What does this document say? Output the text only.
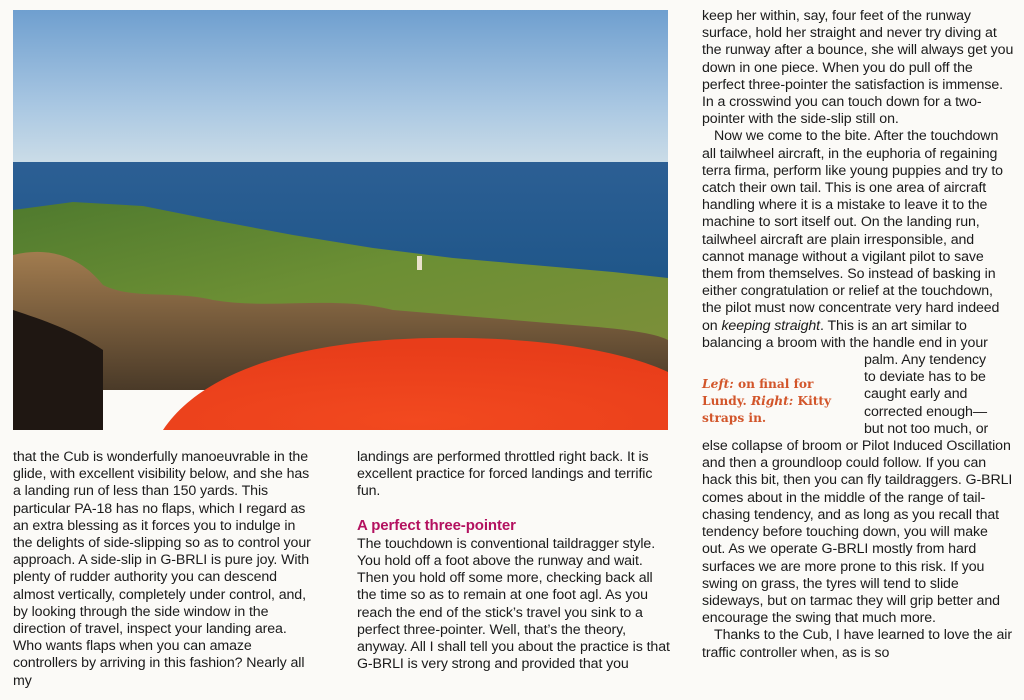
that the Cub is wonderfully manoeuvrable in the glide, with excellent visibility below, and she has a landing run of less than 150 yards. This particular PA-18 has no flaps, which I regard as an extra blessing as it forces you to indulge in the delights of side-slipping so as to control your approach. A side-slip in G-BRLI is pure joy. With plenty of rudder authority you can descend almost vertically, completely under control, and, by looking through the side window in the direction of travel, inspect your landing area. Who wants flaps when you can amaze controllers by arriving in this fashion? Nearly all my

landings are performed throttled right back. It is excellent practice for forced landings and terrific fun.

A perfect three-pointer

The touchdown is conventional taildragger style. You hold off a foot above the runway and wait. Then you hold off some more, checking back all the time so as to remain at one foot agl. As you reach the end of the stick’s travel you sink to a perfect three-pointer. Well, that’s the theory, anyway. All I shall tell you about the practice is that G-BRLI is very strong and provided that you

keep her within, say, four feet of the runway surface, hold her straight and never try diving at the runway after a bounce, she will always get you down in one piece. When you do pull off the perfect three-pointer the satisfaction is immense. In a crosswind you can touch down for a two-pointer with the side-slip still on.

Now we come to the bite. After the touchdown all tailwheel aircraft, in the euphoria of regaining terra firma, perform like young puppies and try to catch their own tail. This is one area of aircraft handling where it is a mistake to leave it to the machine to sort itself out. On the landing run, tailwheel aircraft are plain irresponsible, and cannot manage without a vigilant pilot to save them from themselves. So instead of basking in either congratulation or relief at the touchdown, the pilot must now concentrate very hard indeed on keeping straight. This is an art similar to balancing a broom with the handle end in your

palm. Any tendency

to deviate has to be

caught early and

corrected enough—

but not too much, or

else collapse of broom or Pilot Induced Oscillation and then a groundloop could follow. If you can hack this bit, then you can fly taildraggers. G-BRLI comes about in the middle of the range of tail-chasing tendency, and as long as you recall that tendency before touching down, you will make out. As we operate G-BRLI mostly from hard surfaces we are more prone to this risk. If you swing on grass, the tyres will tend to slide sideways, but on tarmac they will grip better and encourage the swing that much more.

Thanks to the Cub, I have learned to love the air traffic controller when, as is so

Left: on final for Lundy. Right: Kitty straps in.
